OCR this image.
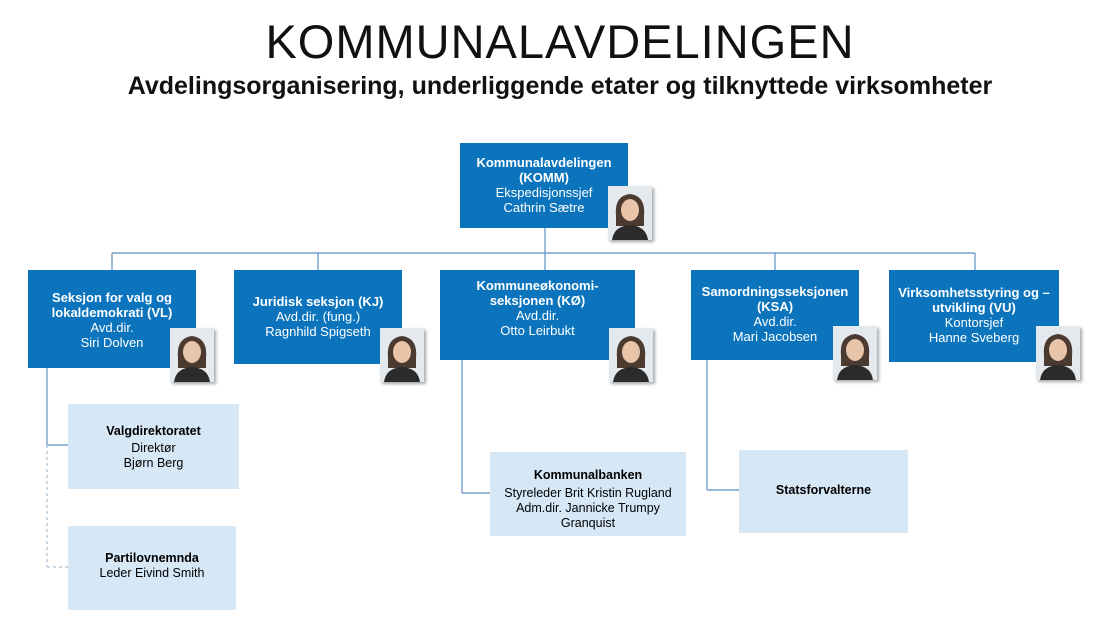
KOMMUNALAVDELINGEN
Avdelingsorganisering, underliggende etater og tilknyttede virksomheter
Kommunalavdelingen (KOMM)
Ekspedisjonssjef
Cathrin Sætre
Seksjon for valg og lokaldemokrati (VL)
Avd.dir.
Siri Dolven
Juridisk seksjon (KJ)
Avd.dir. (fung.)
Ragnhild Spigseth
Kommuneøkonomi-seksjonen (KØ)
Avd.dir.
Otto Leirbukt
Samordningsseksjonen (KSA)
Avd.dir.
Mari Jacobsen
Virksomhetsstyring og – utvikling (VU)
Kontorsjef
Hanne Sveberg
Valgdirektoratet
Direktør
Bjørn Berg
Partilovnemnda
Leder Eivind Smith
Kommunalbanken
Styreleder Brit Kristin Rugland
Adm.dir. Jannicke Trumpy
Granquist
Statsforvalterne
